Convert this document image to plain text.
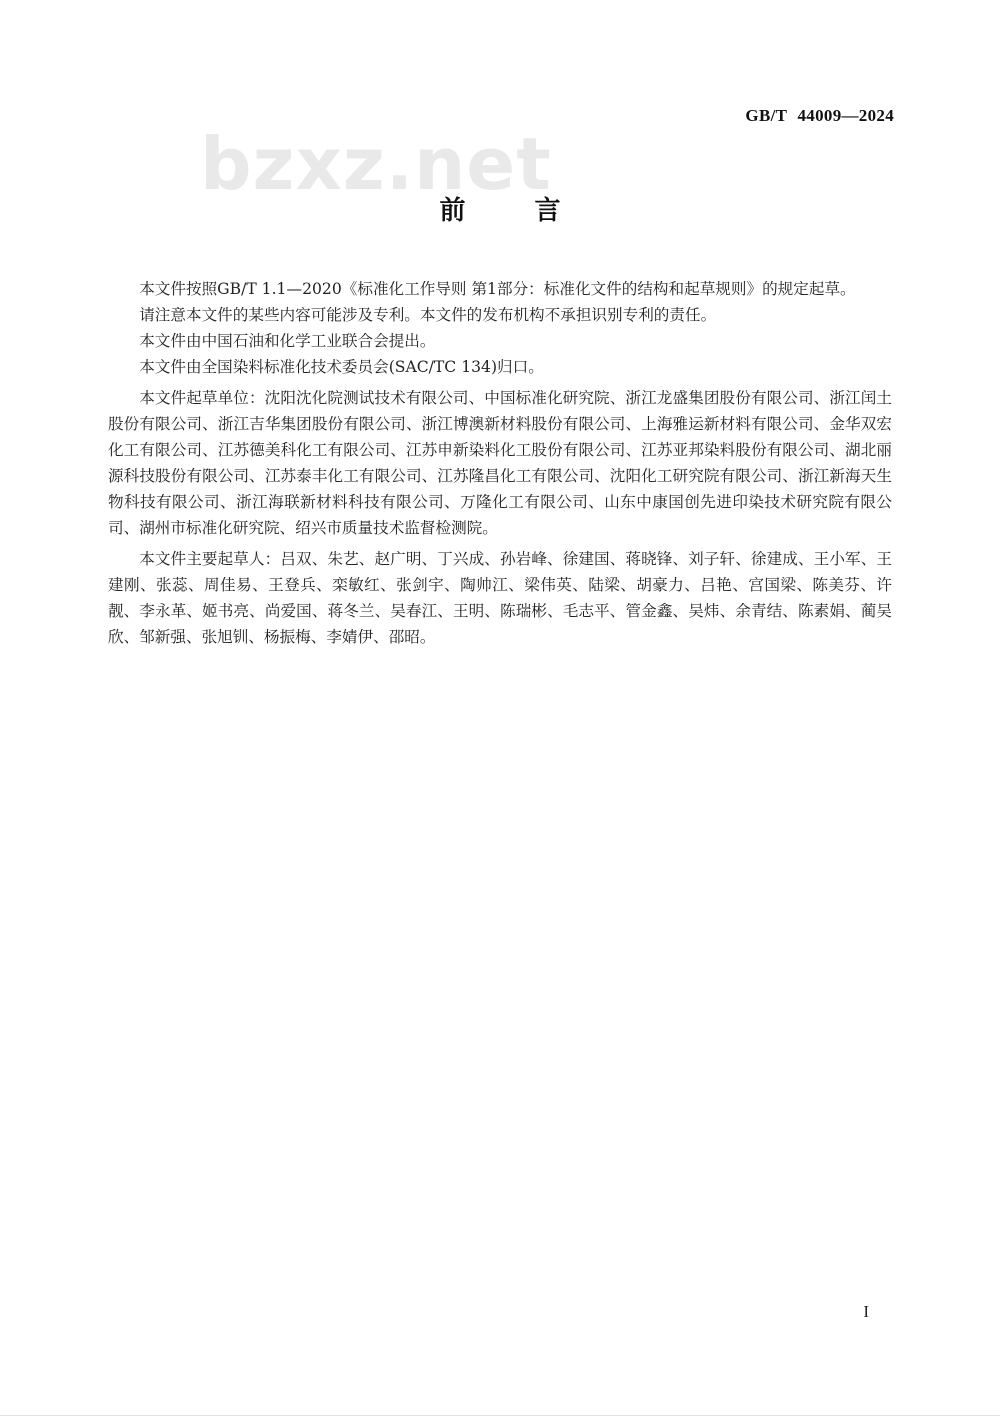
bzxz.net
GB/T 44009—2024
前 言

本文件按照GB/T 1.1—2020《标准化工作导则 第1部分：标准化文件的结构和起草规则》的规定起草。

请注意本文件的某些内容可能涉及专利。本文件的发布机构不承担识别专利的责任。

本文件由中国石油和化学工业联合会提出。

本文件由全国染料标准化技术委员会(SAC/TC 134)归口。

本文件起草单位：沈阳沈化院测试技术有限公司、中国标准化研究院、浙江龙盛集团股份有限公司、浙江闰土股份有限公司、浙江吉华集团股份有限公司、浙江博澳新材料股份有限公司、上海雅运新材料有限公司、金华双宏化工有限公司、江苏德美科化工有限公司、江苏申新染料化工股份有限公司、江苏亚邦染料股份有限公司、湖北丽源科技股份有限公司、江苏泰丰化工有限公司、江苏隆昌化工有限公司、沈阳化工研究院有限公司、浙江新海天生物科技有限公司、浙江海联新材料科技有限公司、万隆化工有限公司、山东中康国创先进印染技术研究院有限公司、湖州市标准化研究院、绍兴市质量技术监督检测院。

本文件主要起草人：吕双、朱艺、赵广明、丁兴成、孙岩峰、徐建国、蒋晓锋、刘子轩、徐建成、王小军、王建刚、张蕊、周佳易、王登兵、栾敏红、张剑宇、陶帅江、梁伟英、陆梁、胡豪力、吕艳、宫国梁、陈美芬、许靓、李永革、姬书亮、尚爱国、蒋冬兰、吴春江、王明、陈瑞彬、毛志平、管金鑫、吴炜、余青结、陈素娟、蔺吴欣、邹新强、张旭钏、杨振梅、李婧伊、邵昭。

I
